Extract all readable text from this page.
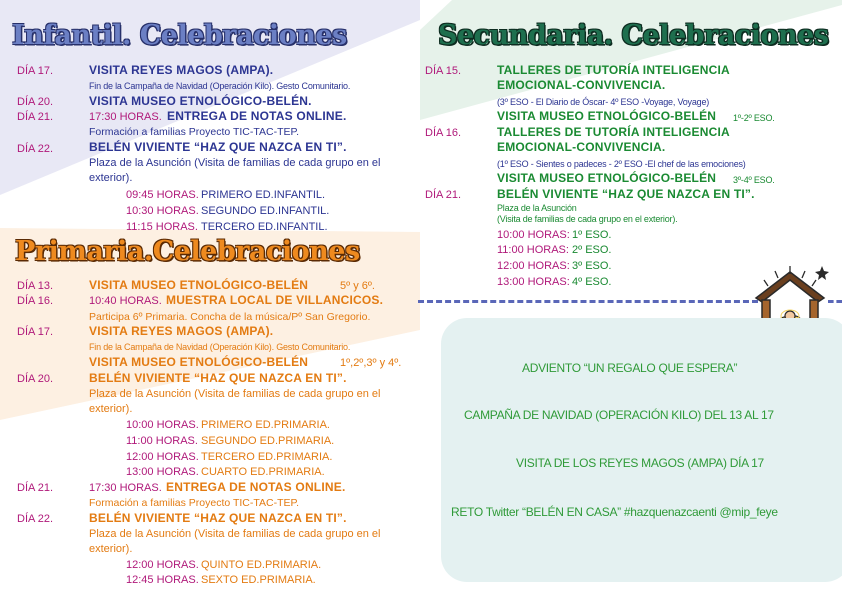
Infantil. Celebraciones
DÍA 17.	VISITA REYES MAGOS (AMPA).
Fin de la Campaña de Navidad (Operación Kilo). Gesto Comunitario.
DÍA 20.	VISITA MUSEO ETNOLÓGICO-BELÉN.
DÍA 21.	17:30 HORAS. ENTREGA DE NOTAS ONLINE.
Formación a familias Proyecto TIC-TAC-TEP.
DÍA 22.	BELÉN VIVIENTE “HAZ QUE NAZCA EN TI”.
Plaza de la Asunción (Visita de familias de cada grupo en el
exterior).
09:45 HORAS. PRIMERO ED.INFANTIL.
10:30 HORAS. SEGUNDO ED.INFANTIL.
11:15 HORAS. TERCERO ED.INFANTIL.
Primaria.Celebraciones
DÍA 13.	VISITA MUSEO ETNOLÓGICO-BELÉN	5º y 6º.
DÍA 16.	10:40 HORAS. MUESTRA LOCAL DE VILLANCICOS.
Participa 6º Primaria. Concha de la música/Pº San Gregorio.
DÍA 17.	VISITA REYES MAGOS (AMPA).
Fin de la Campaña de Navidad (Operación Kilo). Gesto Comunitario.
VISITA MUSEO ETNOLÓGICO-BELÉN	1º,2º,3º y 4º.
DÍA 20.	BELÉN VIVIENTE “HAZ QUE NAZCA EN TI”.
Plaza de la Asunción (Visita de familias de cada grupo en el
exterior).
10:00 HORAS. PRIMERO ED.PRIMARIA.
11:00 HORAS. SEGUNDO ED.PRIMARIA.
12:00 HORAS. TERCERO ED.PRIMARIA.
13:00 HORAS. CUARTO ED.PRIMARIA.
DÍA 21.	17:30 HORAS. ENTREGA DE NOTAS ONLINE.
Formación a familias Proyecto TIC-TAC-TEP.
DÍA 22.	BELÉN VIVIENTE “HAZ QUE NAZCA EN TI”.
Plaza de la Asunción (Visita de familias de cada grupo en el
exterior).
12:00 HORAS. QUINTO ED.PRIMARIA.
12:45 HORAS. SEXTO ED.PRIMARIA.
Secundaria. Celebraciones
DÍA 15.	TALLERES DE TUTORÍA INTELIGENCIA
EMOCIONAL-CONVIVENCIA.
(3º ESO - El Diario de Óscar- 4º ESO -Voyage, Voyage)
VISITA MUSEO ETNOLÓGICO-BELÉN 1º-2º ESO.
DÍA 16.	TALLERES DE TUTORÍA INTELIGENCIA
EMOCIONAL-CONVIVENCIA.
(1º ESO - Sientes o padeces - 2º ESO -El chef de las emociones)
VISITA MUSEO ETNOLÓGICO-BELÉN 3º-4º ESO.
DÍA 21.	BELÉN VIVIENTE “HAZ QUE NAZCA EN TI”.
Plaza de la Asunción
(Visita de familias de cada grupo en el exterior).
10:00 HORAS: 1º ESO.
11:00 HORAS: 2º ESO.
12:00 HORAS: 3º ESO.
13:00 HORAS: 4º ESO.
ADVIENTO “UN REGALO QUE ESPERA”
CAMPAÑA DE NAVIDAD (OPERACIÓN KILO) DEL 13 AL 17
VISITA DE LOS REYES MAGOS (AMPA) DÍA 17
RETO Twitter “BELÉN EN CASA” #hazquenazcaenti @mip_feye
